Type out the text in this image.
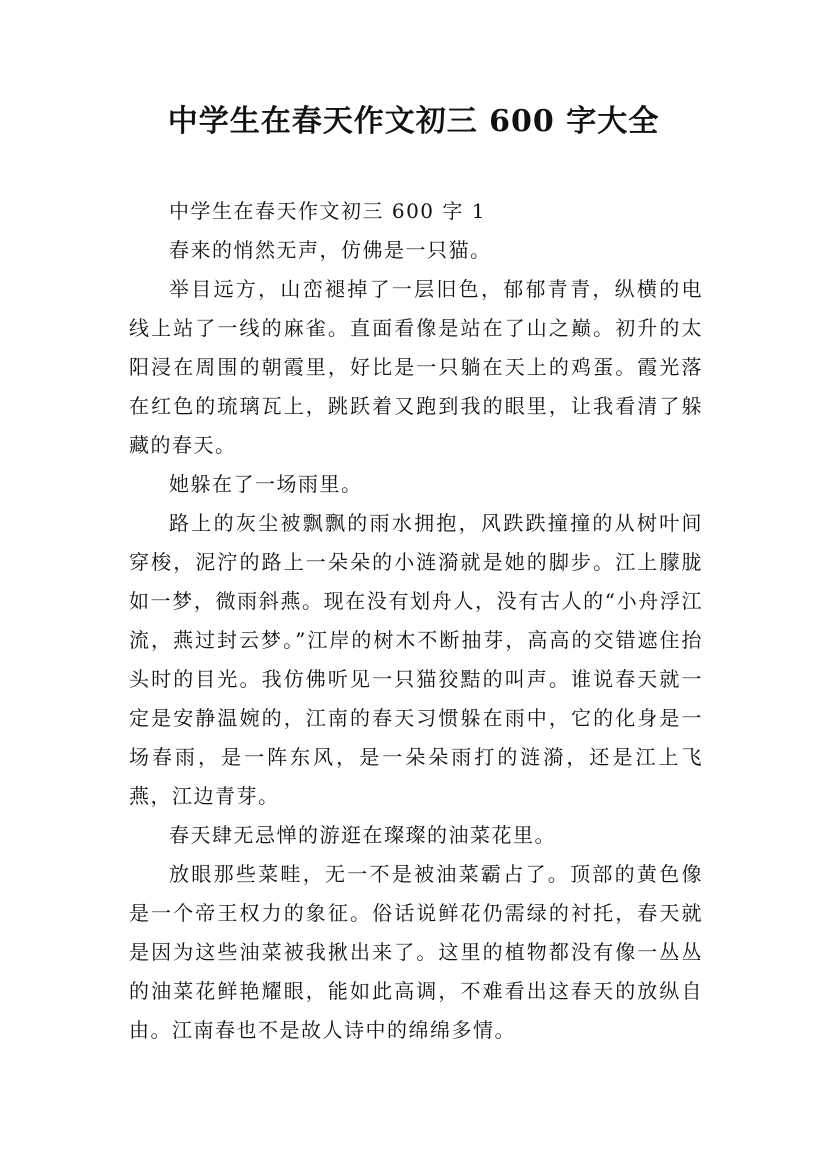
中学生在春天作文初三 600 字大全

中学生在春天作文初三 600 字 1

春来的悄然无声，仿佛是一只猫。

举目远方，山峦褪掉了一层旧色，郁郁青青，纵横的电线上站了一线的麻雀。直面看像是站在了山之巅。初升的太阳浸在周围的朝霞里，好比是一只躺在天上的鸡蛋。霞光落在红色的琉璃瓦上，跳跃着又跑到我的眼里，让我看清了躲藏的春天。

她躲在了一场雨里。

路上的灰尘被飘飘的雨水拥抱，风跌跌撞撞的从树叶间穿梭，泥泞的路上一朵朵的小涟漪就是她的脚步。江上朦胧如一梦，微雨斜燕。现在没有划舟人，没有古人的“小舟浮江流，燕过封云梦。”江岸的树木不断抽芽，高高的交错遮住抬头时的目光。我仿佛听见一只猫狡黠的叫声。谁说春天就一定是安静温婉的，江南的春天习惯躲在雨中，它的化身是一场春雨，是一阵东风，是一朵朵雨打的涟漪，还是江上飞燕，江边青芽。

春天肆无忌惮的游逛在璨璨的油菜花里。

放眼那些菜畦，无一不是被油菜霸占了。顶部的黄色像是一个帝王权力的象征。俗话说鲜花仍需绿的衬托，春天就是因为这些油菜被我揪出来了。这里的植物都没有像一丛丛的油菜花鲜艳耀眼，能如此高调，不难看出这春天的放纵自由。江南春也不是故人诗中的绵绵多情。
